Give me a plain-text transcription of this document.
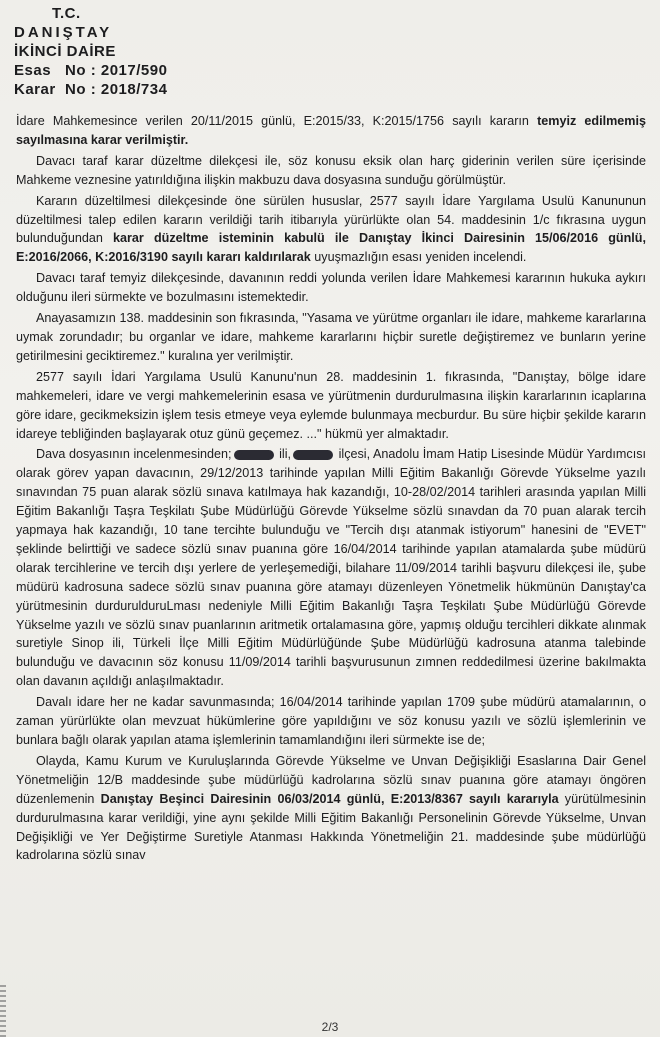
T.C.
DANIŞTAY
İKİNCİ DAİRE
Esas   No : 2017/590
Karar  No : 2018/734

İdare Mahkemesince verilen 20/11/2015 günlü, E:2015/33, K:2015/1756 sayılı kararın temyiz edilmemiş sayılmasına karar verilmiştir.

Davacı taraf karar düzeltme dilekçesi ile, söz konusu eksik olan harç giderinin verilen süre içerisinde Mahkeme veznesine yatırıldığına ilişkin makbuzu dava dosyasına sunduğu görülmüştür.

Kararın düzeltilmesi dilekçesinde öne sürülen hususlar, 2577 sayılı İdare Yargılama Usulü Kanununun düzeltilmesi talep edilen kararın verildiği tarih itibarıyla yürürlükte olan 54. maddesinin 1/c fıkrasına uygun bulunduğundan karar düzeltme isteminin kabulü ile Danıştay İkinci Dairesinin 15/06/2016 günlü, E:2016/2066, K:2016/3190 sayılı kararı kaldırılarak uyuşmazlığın esası yeniden incelendi.

Davacı taraf temyiz dilekçesinde, davanının reddi yolunda verilen İdare Mahkemesi kararının hukuka aykırı olduğunu ileri sürmekte ve bozulmasını istemektedir.

Anayasamızın 138. maddesinin son fıkrasında, "Yasama ve yürütme organları ile idare, mahkeme kararlarına uymak zorundadır; bu organlar ve idare, mahkeme kararlarını hiçbir suretle değiştiremez ve bunların yerine getirilmesini geciktiremez." kuralına yer verilmiştir.

2577 sayılı İdari Yargılama Usulü Kanunu'nun 28. maddesinin 1. fıkrasında, "Danıştay, bölge idare mahkemeleri, idare ve vergi mahkemelerinin esasa ve yürütmenin durdurulmasına ilişkin kararlarının icaplarına göre idare, gecikmeksizin işlem tesis etmeye veya eylemde bulunmaya mecburdur. Bu süre hiçbir şekilde kararın idareye tebliğinden başlayarak otuz günü geçemez. ..." hükmü yer almaktadır.

Dava dosyasının incelenmesinden;	ili,	ilçesi, Anadolu İmam Hatip Lisesinde Müdür Yardımcısı olarak görev yapan davacının, 29/12/2013 tarihinde yapılan Milli Eğitim Bakanlığı Görevde Yükselme yazılı sınavından 75 puan alarak sözlü sınava katılmaya hak kazandığı, 10-28/02/2014 tarihleri arasında yapılan Milli Eğitim Bakanlığı Taşra Teşkilatı Şube Müdürlüğü Görevde Yükselme sözlü sınavdan da 70 puan alarak tercih yapmaya hak kazandığı, 10 tane tercihte bulunduğu ve "Tercih dışı atanmak istiyorum" hanesini de "EVET" şeklinde belirttiği ve sadece sözlü sınav puanına göre 16/04/2014 tarihinde yapılan atamalarda şube müdürü olarak tercihlerine ve tercih dışı yerlere de yerleşemediği, bilahare 11/09/2014 tarihli başvuru dilekçesi ile, şube müdürü kadrosuna sadece sözlü sınav puanına göre atamayı düzenleyen Yönetmelik hükmünün Danıştay'ca yürütmesinin durdurulduruLması nedeniyle Milli Eğitim Bakanlığı Taşra Teşkilatı Şube Müdürlüğü Görevde Yükselme yazılı ve sözlü sınav puanlarının aritmetik ortalamasına göre, yapmış olduğu tercihleri dikkate alınmak suretiyle Sinop ili, Türkeli İlçe Milli Eğitim Müdürlüğünde Şube Müdürlüğü kadrosuna atanma talebinde bulunduğu ve davacının söz konusu 11/09/2014 tarihli başvurusunun zımnen reddedilmesi üzerine bakılmakta olan davanın açıldığı anlaşılmaktadır.

Davalı idare her ne kadar savunmasında; 16/04/2014 tarihinde yapılan 1709 şube müdürü atamalarının, o zaman yürürlükte olan mevzuat hükümlerine göre yapıldığını ve söz konusu yazılı ve sözlü işlemlerinin ve bunlara bağlı olarak yapılan atama işlemlerinin tamamlandığını ileri sürmekte ise de;

Olayda, Kamu Kurum ve Kuruluşlarında Görevde Yükselme ve Unvan Değişikliği Esaslarına Dair Genel Yönetmeliğin 12/B maddesinde şube müdürlüğü kadrolarına sözlü sınav puanına göre atamayı öngören düzenlemenin Danıştay Beşinci Dairesinin 06/03/2014 günlü, E:2013/8367 sayılı kararıyla yürütülmesinin durdurulmasına karar verildiği, yine aynı şekilde Milli Eğitim Bakanlığı Personelinin Görevde Yükselme, Unvan Değişikliği ve Yer Değiştirme Suretiyle Atanması Hakkında Yönetmeliğin 21. maddesinde şube müdürlüğü kadrolarına sözlü sınav

2/3
